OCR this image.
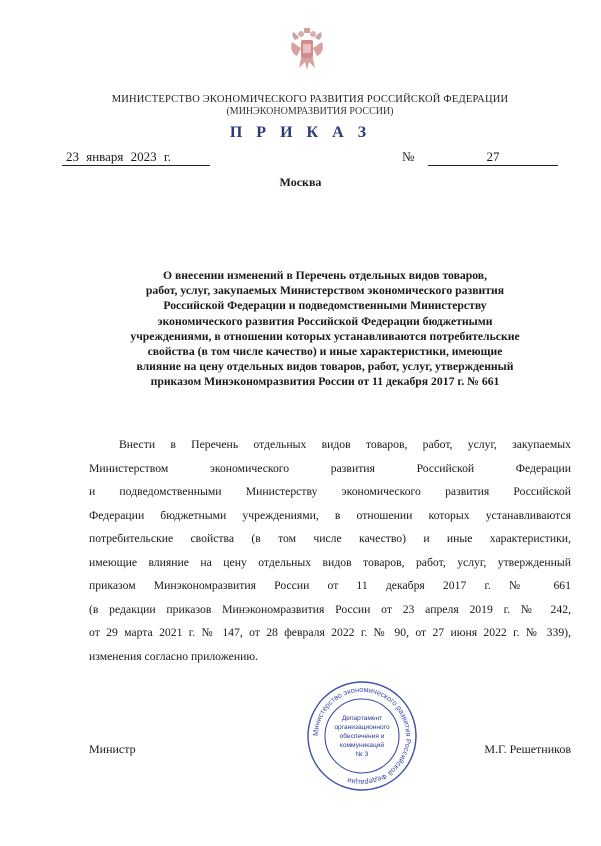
МИНИСТЕРСТВО ЭКОНОМИЧЕСКОГО РАЗВИТИЯ РОССИЙСКОЙ ФЕДЕРАЦИИ
(МИНЭКОНОМРАЗВИТИЯ РОССИИ)
П Р И К А З
23 января 2023 г.	№	27
Москва
О внесении изменений в Перечень отдельных видов товаров,
работ, услуг, закупаемых Министерством экономического развития
Российской Федерации и подведомственными Министерству
экономического развития Российской Федерации бюджетными
учреждениями, в отношении которых устанавливаются потребительские
свойства (в том числе качество) и иные характеристики, имеющие
влияние на цену отдельных видов товаров, работ, услуг, утвержденный
приказом Минэкономразвития России от 11 декабря 2017 г. № 661
Внести в Перечень отдельных видов товаров, работ, услуг, закупаемых
Министерством экономического развития Российской Федерации
и подведомственными Министерству экономического развития Российской
Федерации бюджетными учреждениями, в отношении которых устанавливаются
потребительские свойства (в том числе качество) и иные характеристики,
имеющие влияние на цену отдельных видов товаров, работ, услуг, утвержденный
приказом Минэкономразвития России от 11 декабря 2017 г. № 661
(в редакции приказов Минэкономразвития России от 23 апреля 2019 г. № 242,
от 29 марта 2021 г. № 147, от 28 февраля 2022 г. № 90, от 27 июня 2022 г. № 339),
изменения согласно приложению.
Министерство экономического развития Российской Федерации
Департамент
организационного
обеспечения и
коммуникаций
№ 3
Министр	М.Г. Решетников
